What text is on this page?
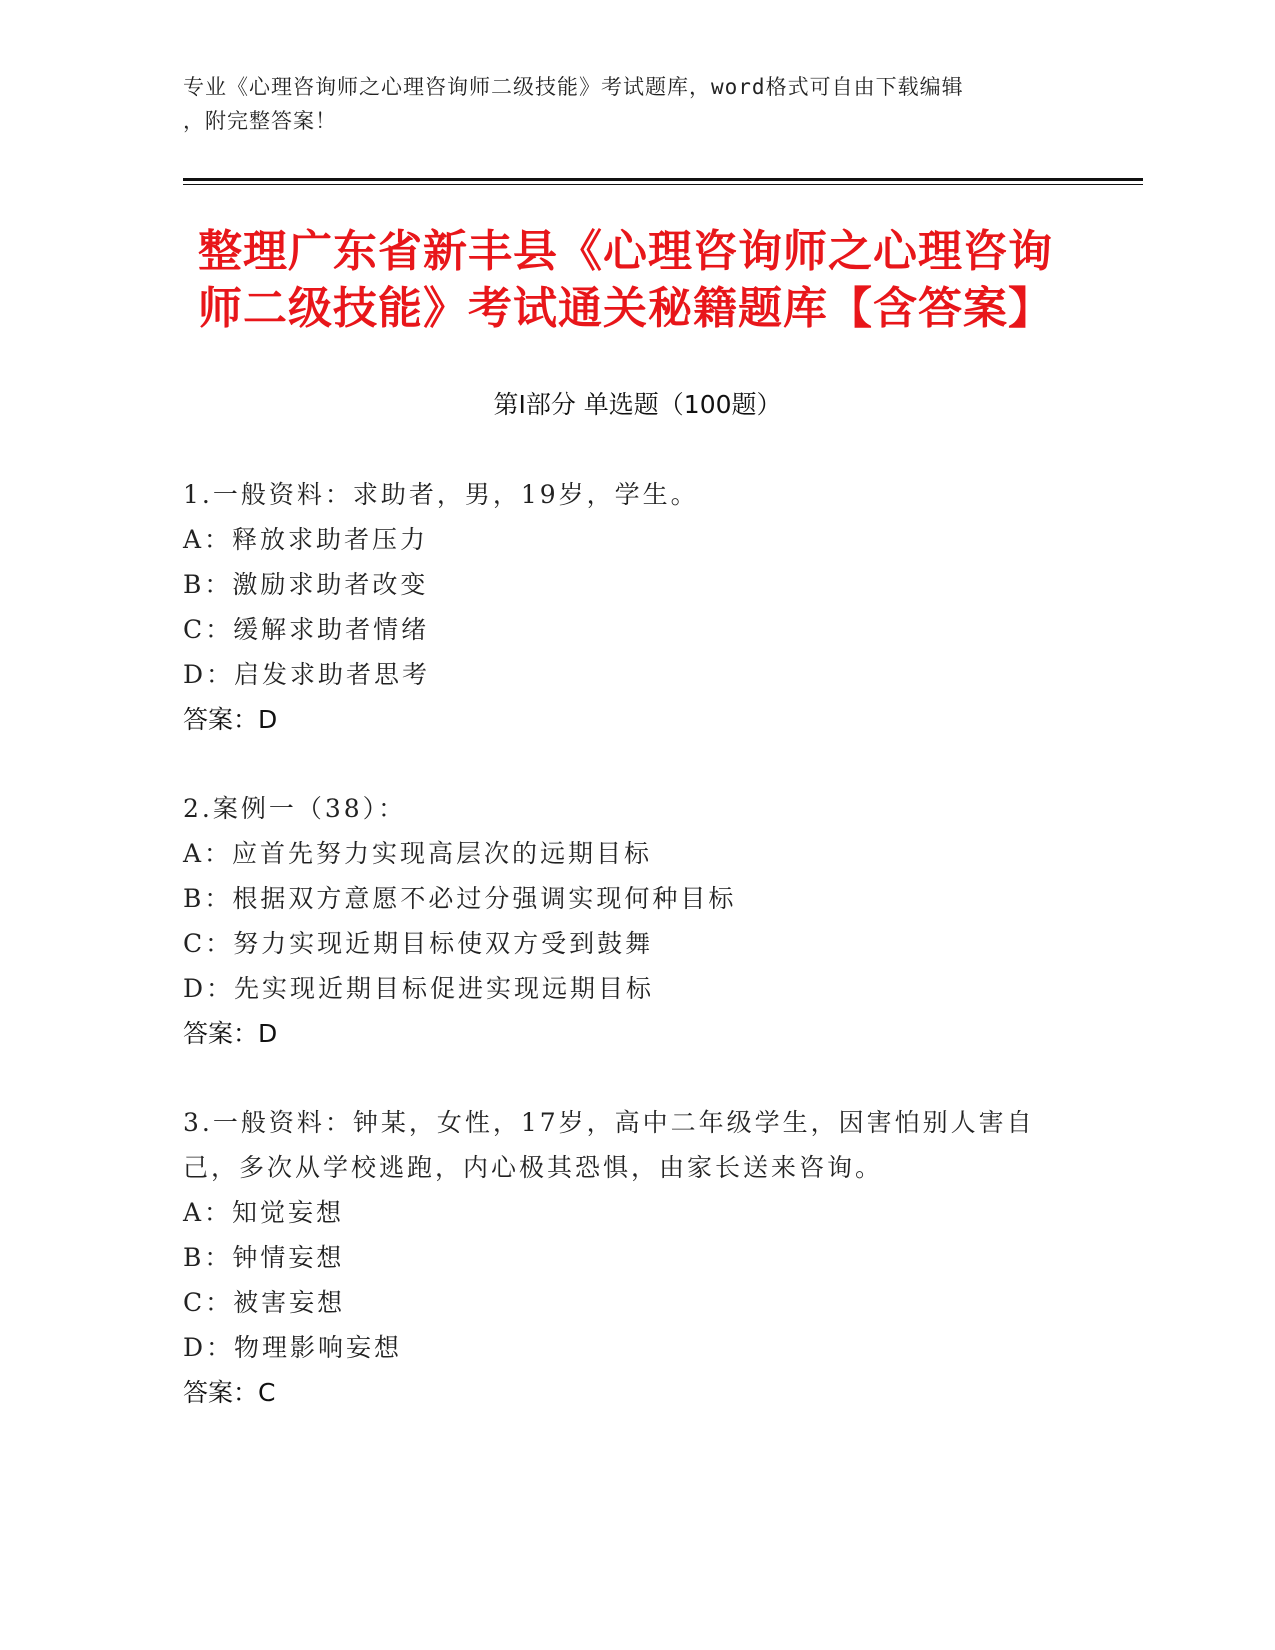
专业《心理咨询师之心理咨询师二级技能》考试题库，word格式可自由下载编辑
，附完整答案！
整理广东省新丰县《心理咨询师之心理咨询
师二级技能》考试通关秘籍题库【含答案】
第Ⅰ部分 单选题（100题）
1.一般资料：求助者，男，19岁，学生。
A：释放求助者压力
B：激励求助者改变
C：缓解求助者情绪
D：启发求助者思考
答案：D
2.案例一（38）：
A：应首先努力实现高层次的远期目标
B：根据双方意愿不必过分强调实现何种目标
C：努力实现近期目标使双方受到鼓舞
D：先实现近期目标促进实现远期目标
答案：D
3.一般资料：钟某，女性，17岁，高中二年级学生，因害怕别人害自
己，多次从学校逃跑，内心极其恐惧，由家长送来咨询。
A：知觉妄想
B：钟情妄想
C：被害妄想
D：物理影响妄想
答案：C
